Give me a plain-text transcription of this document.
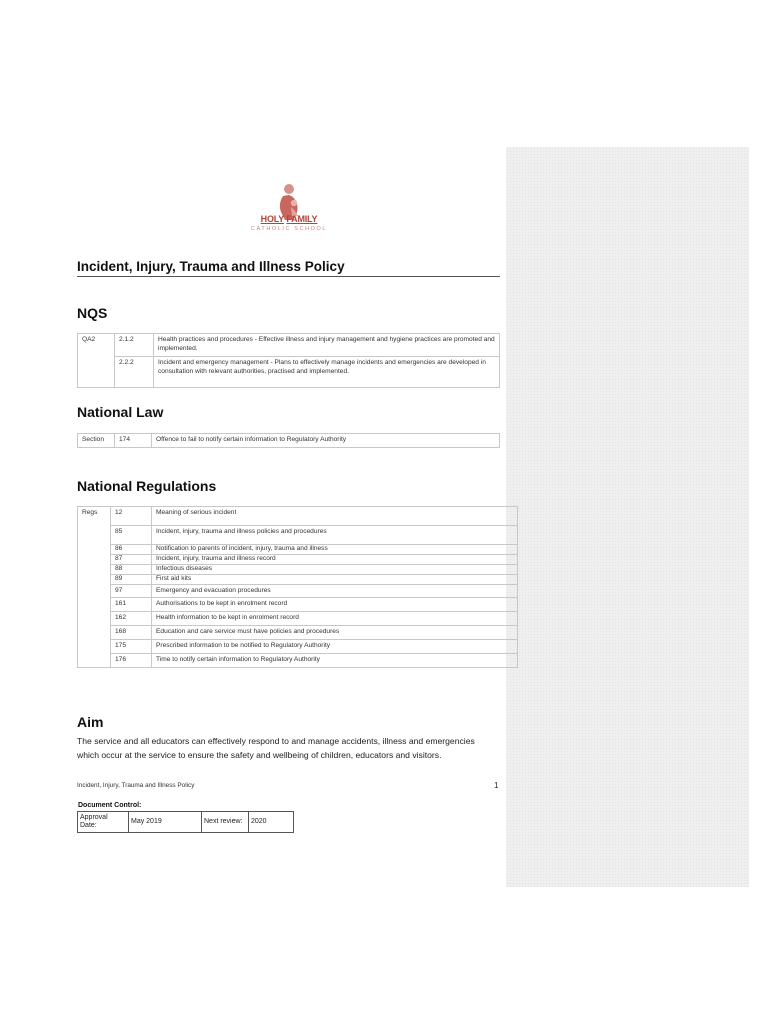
HOLY FAMILY
CATHOLIC SCHOOL
Incident, Injury, Trauma and Illness Policy
NQS
QA2	2.1.2	Health practices and procedures - Effective illness and injury management and hygiene practices are promoted and implemented.
	2.2.2	Incident and emergency management - Plans to effectively manage incidents and emergencies are developed in consultation with relevant authorities, practised and implemented.
National Law
Section	174	Offence to fail to notify certain information to Regulatory Authority
National Regulations
Regs	12	Meaning of serious incident
	85	Incident, injury, trauma and illness policies and procedures
	86	Notification to parents of incident, injury, trauma and illness
	87	Incident, injury, trauma and illness record
	88	Infectious diseases
	89	First aid kits
	97	Emergency and evacuation procedures
	161	Authorisations to be kept in enrolment record
	162	Health information to be kept in enrolment record
	168	Education and care service must have policies and procedures
	175	Prescribed information to be notified to Regulatory Authority
	176	Time to notify certain information to Regulatory Authority
Aim

The service and all educators can effectively respond to and manage accidents, illness and emergencies which occur at the service to ensure the safety and wellbeing of children, educators and visitors.

Incident, Injury, Trauma and Illness Policy	1
Document Control:
Approval Date:	May 2019	Next review:	2020
